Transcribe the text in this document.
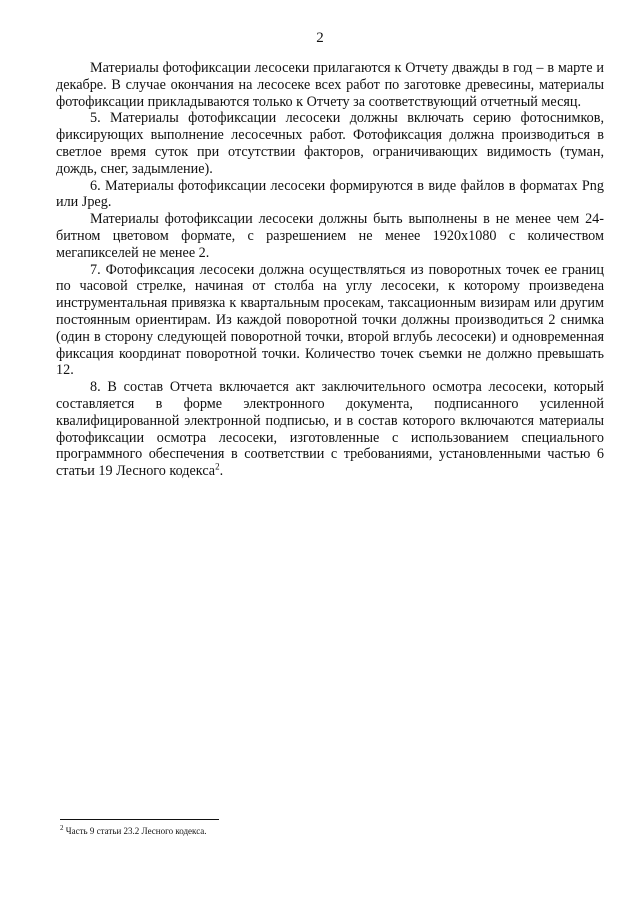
2

Материалы фотофиксации лесосеки прилагаются к Отчету дважды в год – в марте и декабре. В случае окончания на лесосеке всех работ по заготовке древесины, материалы фотофиксации прикладываются только к Отчету за соответствующий отчетный месяц.

5. Материалы фотофиксации лесосеки должны включать серию фотоснимков, фиксирующих выполнение лесосечных работ. Фотофиксация должна производиться в светлое время суток при отсутствии факторов, ограничивающих видимость (туман, дождь, снег, задымление).

6. Материалы фотофиксации лесосеки формируются в виде файлов в форматах Png или Jpeg.

Материалы фотофиксации лесосеки должны быть выполнены в не менее чем 24-битном цветовом формате, с разрешением не менее 1920x1080 с количеством мегапикселей не менее 2.

7. Фотофиксация лесосеки должна осуществляться из поворотных точек ее границ по часовой стрелке, начиная от столба на углу лесосеки, к которому произведена инструментальная привязка к квартальным просекам, таксационным визирам или другим постоянным ориентирам. Из каждой поворотной точки должны производиться 2 снимка (один в сторону следующей поворотной точки, второй вглубь лесосеки) и одновременная фиксация координат поворотной точки. Количество точек съемки не должно превышать 12.

8. В состав Отчета включается акт заключительного осмотра лесосеки, который составляется в форме электронного документа, подписанного усиленной квалифицированной электронной подписью, и в состав которого включаются материалы фотофиксации осмотра лесосеки, изготовленные с использованием специального программного обеспечения в соответствии с требованиями, установленными частью 6 статьи 19 Лесного кодекса$^2$.

$^2$ Часть 9 статьи 23.2 Лесного кодекса.
